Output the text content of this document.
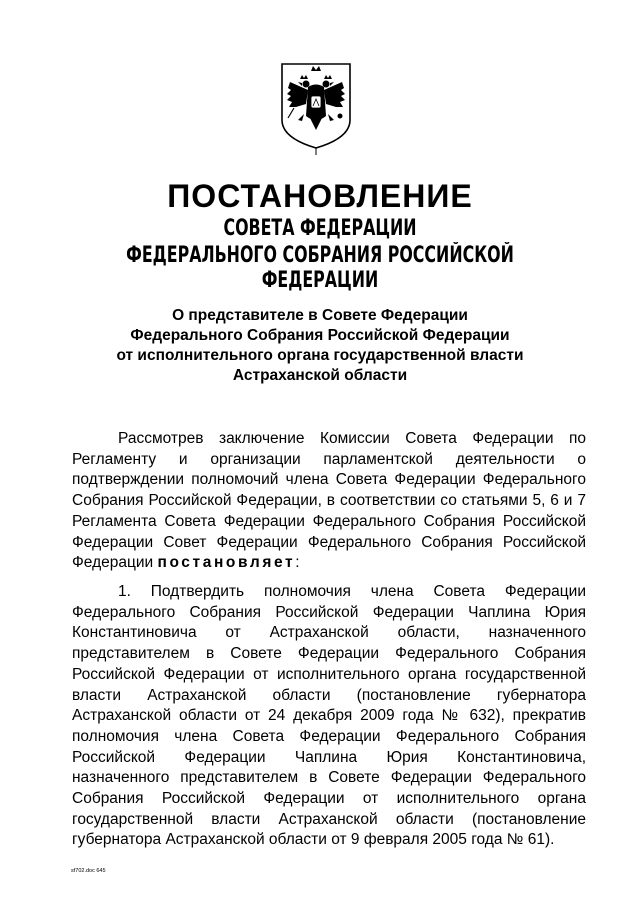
ПОСТАНОВЛЕНИЕ
СОВЕТА ФЕДЕРАЦИИ
ФЕДЕРАЛЬНОГО СОБРАНИЯ РОССИЙСКОЙ ФЕДЕРАЦИИ
О представителе в Совете Федерации
Федерального Собрания Российской Федерации
от исполнительного органа государственной власти
Астраханской области

Рассмотрев заключение Комиссии Совета Федерации по Регламенту и организации парламентской деятельности о подтверждении полномочий члена Совета Федерации Федерального Собрания Российской Федерации, в соответствии со статьями 5, 6 и 7 Регламента Совета Федерации Федерального Собрания Российской Федерации Совет Федерации Федерального Собрания Российской Федерации постановляет:

1. Подтвердить полномочия члена Совета Федерации Федерального Собрания Российской Федерации Чаплина Юрия Константиновича от Астраханской области, назначенного представителем в Совете Федерации Федерального Собрания Российской Федерации от исполнительного органа государственной власти Астраханской области (постановление губернатора Астраханской области от 24 декабря 2009 года № 632), прекратив полномочия члена Совета Федерации Федерального Собрания Российской Федерации Чаплина Юрия Константиновича, назначенного представителем в Совете Федерации Федерального Собрания Российской Федерации от исполнительного органа государственной власти Астраханской области (постановление губернатора Астраханской области от 9 февраля 2005 года № 61).

sf702.doc 645
